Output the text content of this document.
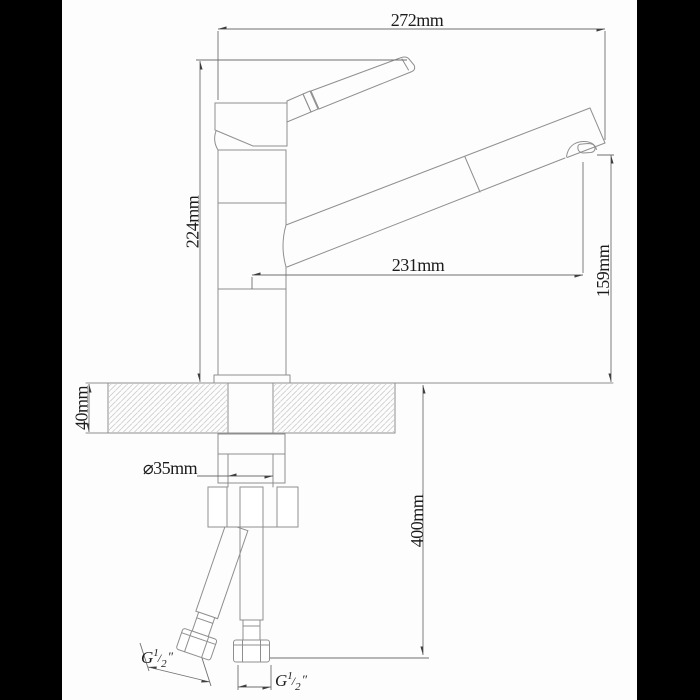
272mm
224mm
231mm	159mm
40mm
⌀35mm
400mm
$G^1/_2''$
$G^1/_2''$
